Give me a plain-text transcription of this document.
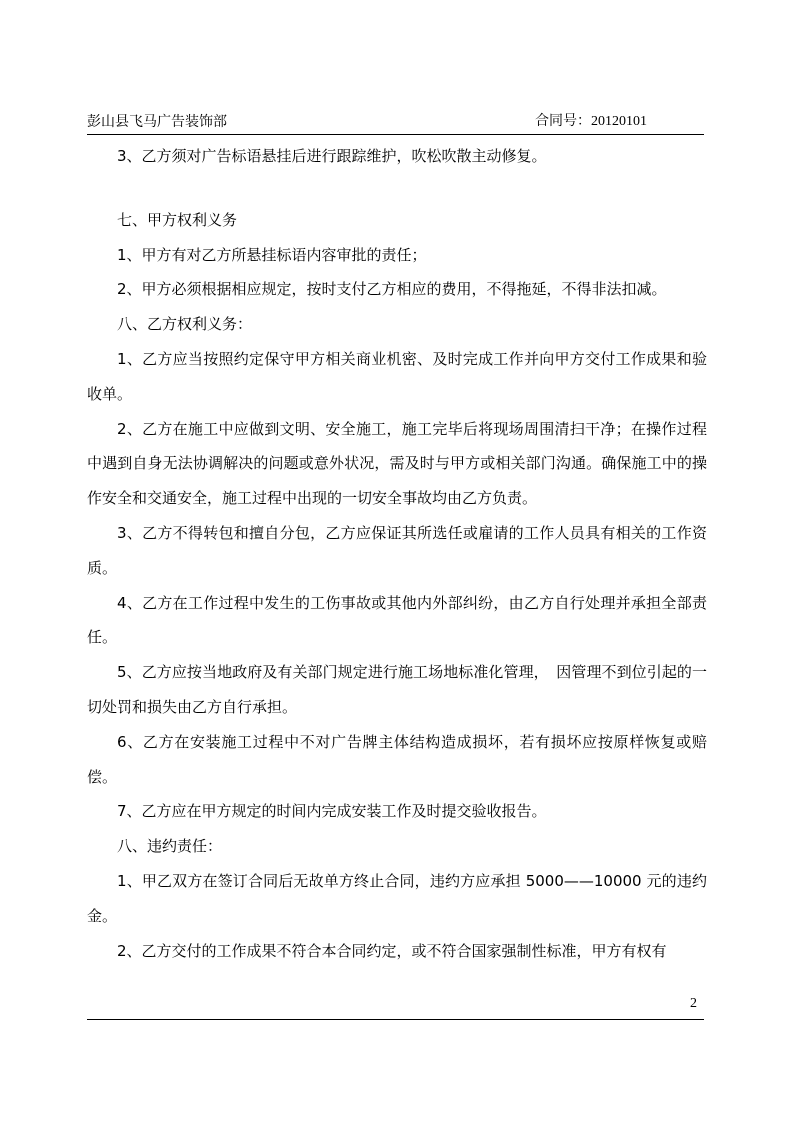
彭山县飞马广告装饰部	合同号：20120101

3、乙方须对广告标语悬挂后进行跟踪维护，吹松吹散主动修复。

七、甲方权利义务

1、甲方有对乙方所悬挂标语内容审批的责任；

2、甲方必须根据相应规定，按时支付乙方相应的费用，不得拖延，不得非法扣减。

八、乙方权利义务：

1、乙方应当按照约定保守甲方相关商业机密、及时完成工作并向甲方交付工作成果和验收单。

2、乙方在施工中应做到文明、安全施工，施工完毕后将现场周围清扫干净；在操作过程中遇到自身无法协调解决的问题或意外状况，需及时与甲方或相关部门沟通。确保施工中的操作安全和交通安全，施工过程中出现的一切安全事故均由乙方负责。

3、乙方不得转包和擅自分包，乙方应保证其所选任或雇请的工作人员具有相关的工作资质。

4、乙方在工作过程中发生的工伤事故或其他内外部纠纷，由乙方自行处理并承担全部责任。

5、乙方应按当地政府及有关部门规定进行施工场地标准化管理，　因管理不到位引起的一切处罚和损失由乙方自行承担。

6、乙方在安装施工过程中不对广告牌主体结构造成损坏，若有损坏应按原样恢复或赔偿。

7、乙方应在甲方规定的时间内完成安装工作及时提交验收报告。

八、违约责任：

1、甲乙双方在签订合同后无故单方终止合同，违约方应承担 5000——10000 元的违约金。

2、乙方交付的工作成果不符合本合同约定，或不符合国家强制性标准，甲方有权有

2
